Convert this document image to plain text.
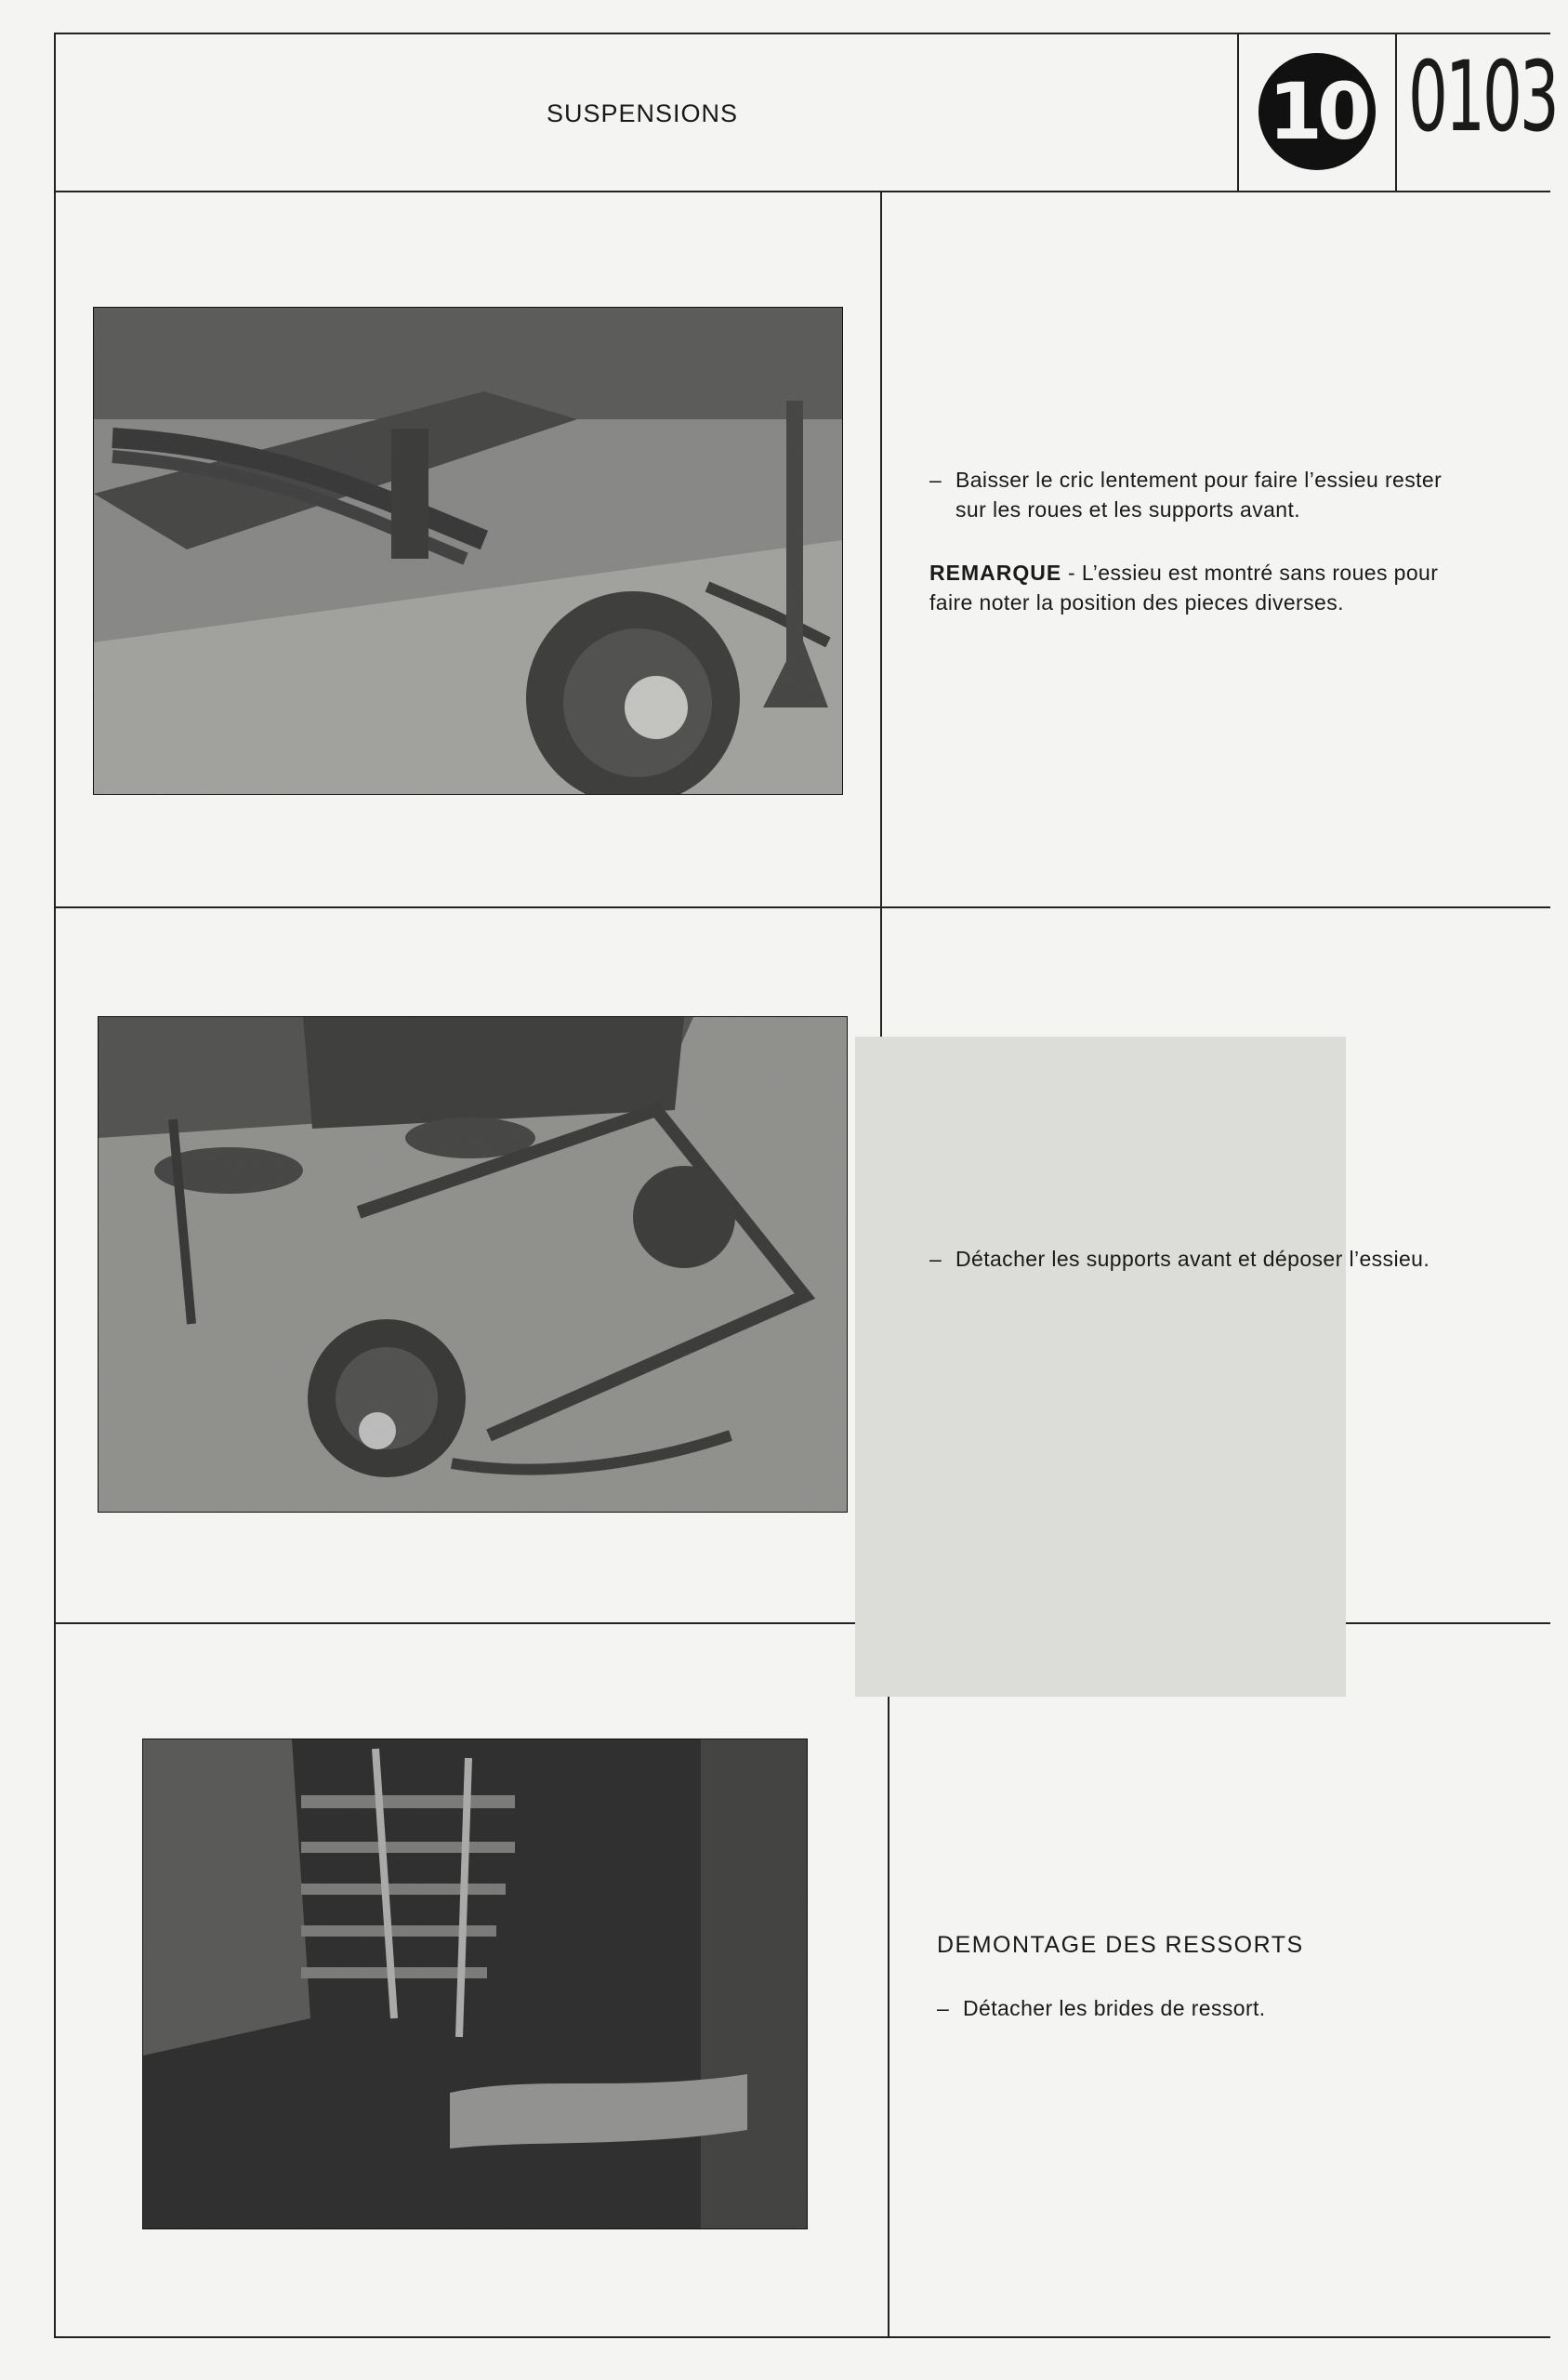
SUSPENSIONS	10 0103
– Baisser le cric lentement pour faire l’essieu rester
sur les roues et les supports avant.
REMARQUE - L’essieu est montré sans roues pour
faire noter la position des pieces diverses.
– Détacher les supports avant et déposer l’essieu.
DEMONTAGE DES RESSORTS
– Détacher les brides de ressort.
